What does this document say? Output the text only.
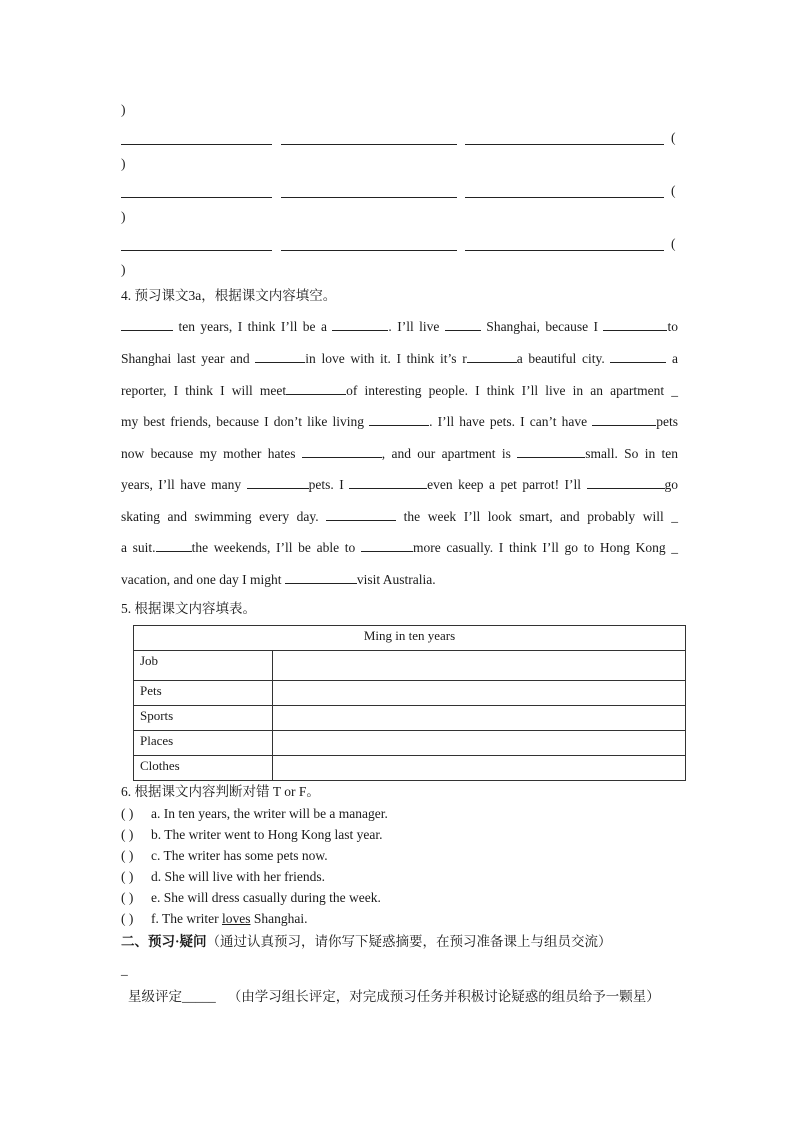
)
(
)
(
)
(
)
4. 预习课文3a，根据课文内容填空。
ten years, I think I’ll be a	. I’ll live	Shanghai, because I	to
Shanghai last year and	in love with it. I think it’s r	a beautiful city.	a
reporter, I think I will meet	of interesting people. I think I’ll live in an apartment _
my best friends, because I don’t like living	. I’ll have pets. I can’t have	pets
now because my mother hates	, and our apartment is	small. So in ten
years, I’ll have many	pets. I	even keep a pet parrot! I’ll	go
skating and swimming every day.	the week I’ll look smart, and probably will _
a suit.	the weekends, I’ll be able to	more casually. I think I’ll go to Hong Kong _
vacation, and one day I might	visit Australia.
5. 根据课文内容填表。
Ming in ten years	
Job	
Pets	
Sports	
Places	
Clothes	
6. 根据课文内容判断对错 T or F。
( ) a. In ten years, the writer will be a manager.
( ) b. The writer went to Hong Kong last year.
( ) c. The writer has some pets now.
( ) d. She will live with her friends.
( ) e. She will dress casually during the week.
( ) f. The writer loves Shanghai.
二、预习·疑问（通过认真预习，请你写下疑惑摘要，在预习准备课上与组员交流）
_
星级评定_____ （由学习组长评定，对完成预习任务并积极讨论疑惑的组员给予一颗星）
